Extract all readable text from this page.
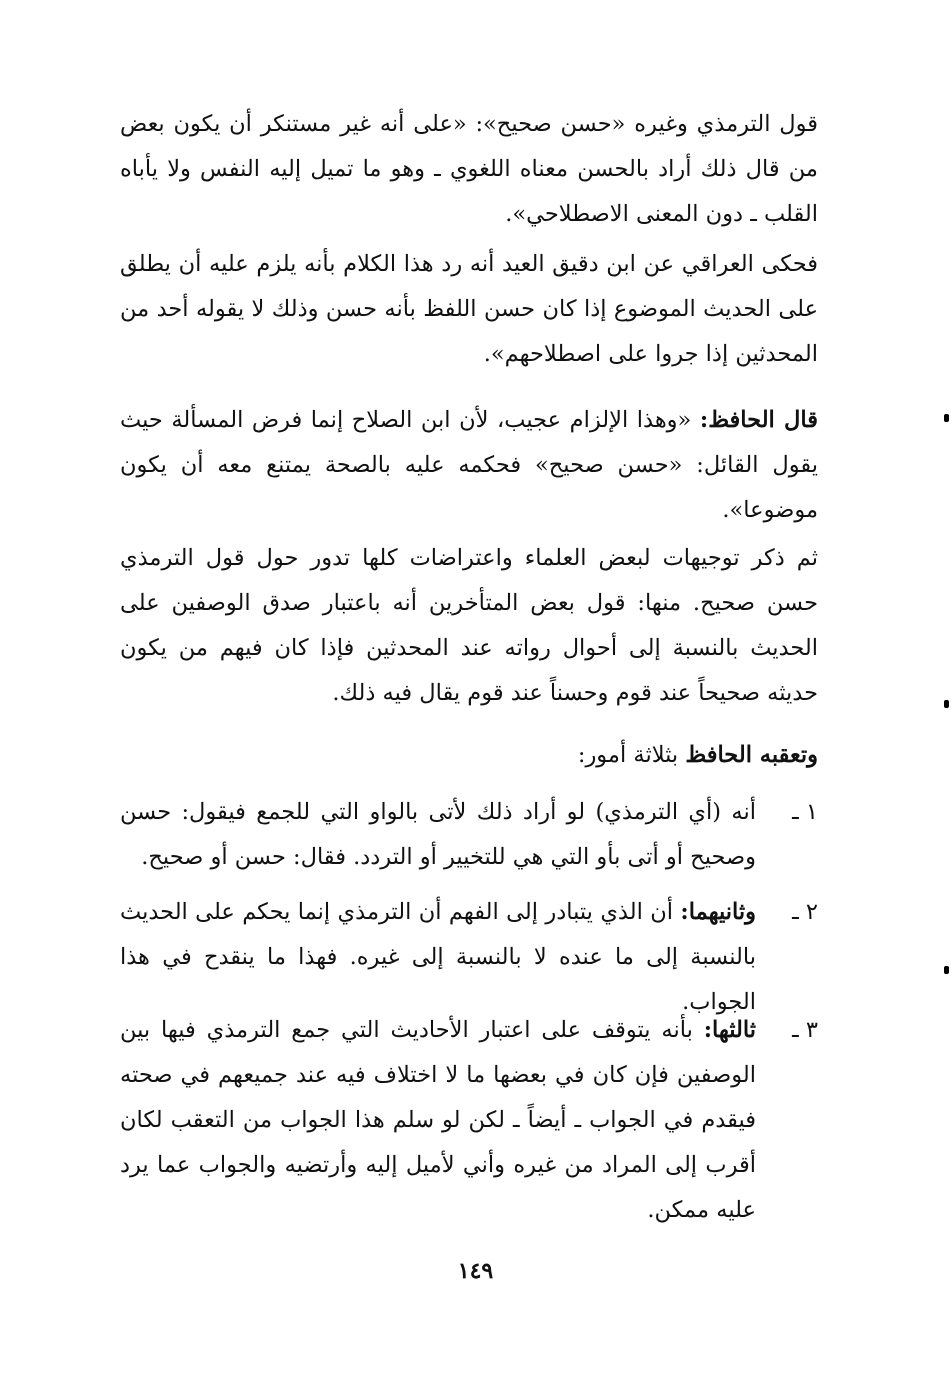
قول الترمذي وغيره «حسن صحيح»: «على أنه غير مستنكر أن يكون بعض من قال ذلك أراد بالحسن معناه اللغوي ـ وهو ما تميل إليه النفس ولا يأباه القلب ـ دون المعنى الاصطلاحي».
فحكى العراقي عن ابن دقيق العيد أنه رد هذا الكلام بأنه يلزم عليه أن يطلق على الحديث الموضوع إذا كان حسن اللفظ بأنه حسن وذلك لا يقوله أحد من المحدثين إذا جروا على اصطلاحهم».
قال الحافظ: «وهذا الإلزام عجيب، لأن ابن الصلاح إنما فرض المسألة حيث يقول القائل: «حسن صحيح» فحكمه عليه بالصحة يمتنع معه أن يكون موضوعا».
ثم ذكر توجيهات لبعض العلماء واعتراضات كلها تدور حول قول الترمذي حسن صحيح. منها: قول بعض المتأخرين أنه باعتبار صدق الوصفين على الحديث بالنسبة إلى أحوال رواته عند المحدثين فإذا كان فيهم من يكون حديثه صحيحاً عند قوم وحسناً عند قوم يقال فيه ذلك.
وتعقبه الحافظ بثلاثة أمور:
١ ـ
أنه (أي الترمذي) لو أراد ذلك لأتى بالواو التي للجمع فيقول: حسن وصحيح أو أتى بأو التي هي للتخيير أو التردد. فقال: حسن أو صحيح.
٢ ـ
وثانيهما: أن الذي يتبادر إلى الفهم أن الترمذي إنما يحكم على الحديث بالنسبة إلى ما عنده لا بالنسبة إلى غيره. فهذا ما ينقدح في هذا الجواب.
٣ ـ
ثالثها: بأنه يتوقف على اعتبار الأحاديث التي جمع الترمذي فيها بين الوصفين فإن كان في بعضها ما لا اختلاف فيه عند جميعهم في صحته فيقدم في الجواب ـ أيضاً ـ لكن لو سلم هذا الجواب من التعقب لكان أقرب إلى المراد من غيره وأني لأميل إليه وأرتضيه والجواب عما يرد عليه ممكن.
١٤٩
